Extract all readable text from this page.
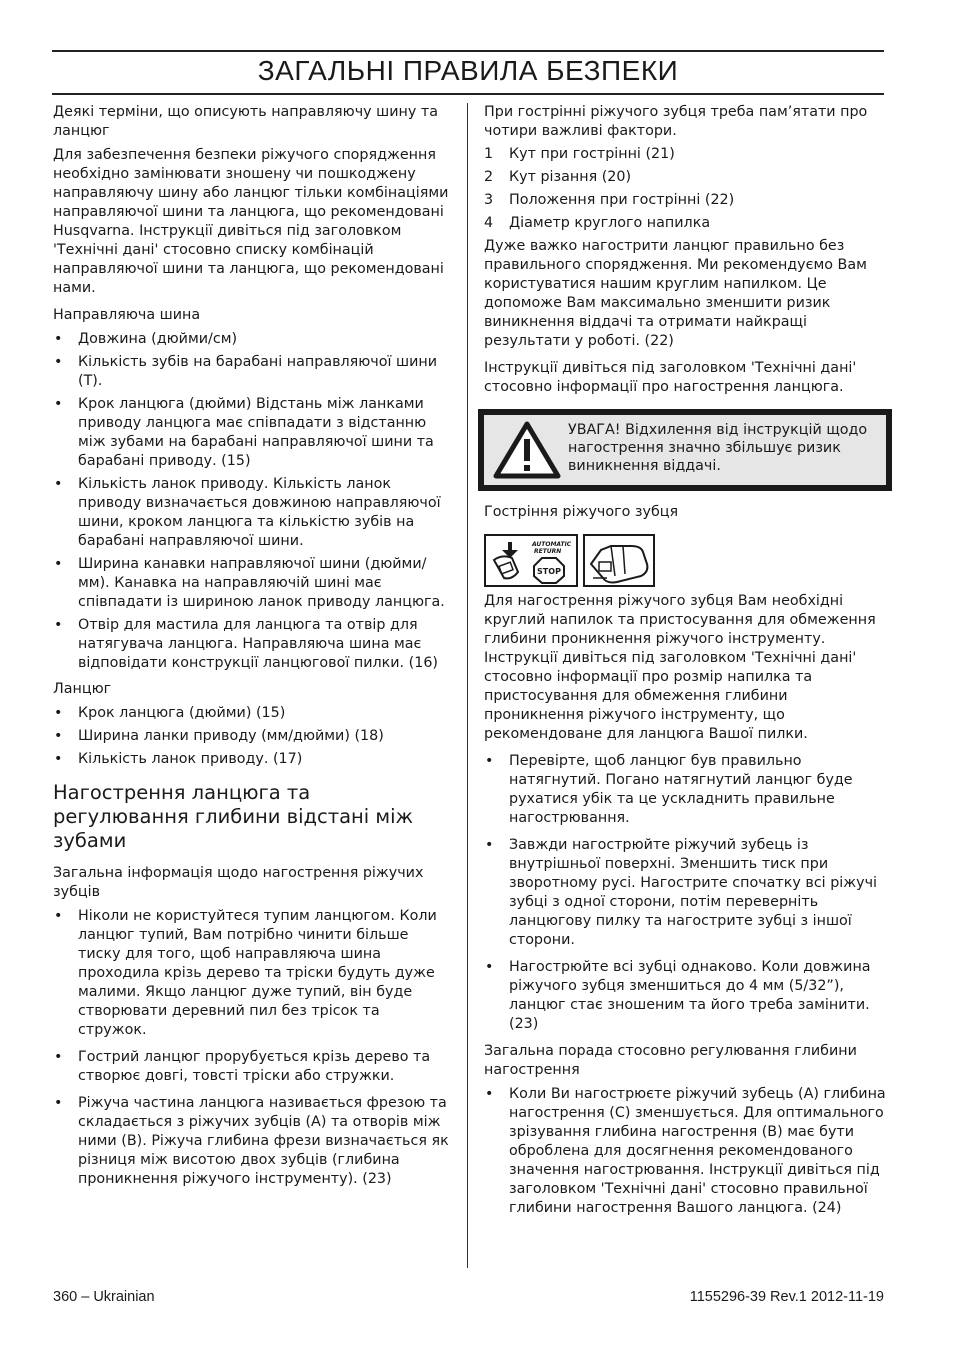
ЗАГАЛЬНІ ПРАВИЛА БЕЗПЕКИ

Деякі терміни, що описують направляючу шину та ланцюг

Для забезпечення безпеки ріжучого спорядження необхідно замінювати зношену чи пошкоджену направляючу шину або ланцюг тільки комбінаціями направляючої шини та ланцюга, що рекомендовані Husqvarna. Інструкції дивіться під заголовком 'Технічні дані' стосовно списку комбінацій направляючої шини та ланцюга, що рекомендовані нами.

Направляюча шина

• Довжина (дюйми/см)
• Кількість зубів на барабані направляючої шини (T).
• Крок ланцюга (дюйми) Відстань між ланками приводу ланцюга має співпадати з відстанню між зубами на барабані направляючої шини та барабані приводу. (15)
• Кількість ланок приводу. Кількість ланок приводу визначається довжиною направляючої шини, кроком ланцюга та кількістю зубів на барабані направляючої шини.
• Ширина канавки направляючої шини (дюйми/мм). Канавка на направляючій шині має співпадати із шириною ланок приводу ланцюга.
• Отвір для мастила для ланцюга та отвір для натягувача ланцюга. Направляюча шина має відповідати конструкції ланцюгової пилки. (16)

Ланцюг

• Крок ланцюга (дюйми) (15)
• Ширина ланки приводу (мм/дюйми) (18)
• Кількість ланок приводу. (17)
Нагострення ланцюга та регулювання глибини відстані між зубами

Загальна інформація щодо нагострення ріжучих зубців

• Ніколи не користуйтеся тупим ланцюгом. Коли ланцюг тупий, Вам потрібно чинити більше тиску для того, щоб направляюча шина проходила крізь дерево та тріски будуть дуже малими. Якщо ланцюг дуже тупий, він буде створювати деревний пил без трісок та стружок.
• Гострий ланцюг прорубується крізь дерево та створює довгі, товсті тріски або стружки.
• Ріжуча частина ланцюга називається фрезою та складається з ріжучих зубців (A) та отворів між ними (B). Ріжуча глибина фрези визначається як різниця між висотою двох зубців (глибина проникнення ріжучого інструменту). (23)

При гострінні ріжучого зубця треба пам’ятати про чотири важливі фактори.

1	Кут при гострінні (21)
2	Кут різання (20)
3	Положення при гострінні (22)
4	Діаметр круглого напилка

Дуже важко нагострити ланцюг правильно без правильного спорядження. Ми рекомендуємо Вам користуватися нашим круглим напилком. Це допоможе Вам максимально зменшити ризик виникнення віддачі та отримати найкращі результати у роботі. (22)

Інструкції дивіться під заголовком 'Технічні дані' стосовно інформації про нагострення ланцюга.

УВАГА! Відхилення від інструкцій щодо нагострення значно збільшує ризик виникнення віддачі.

Гостріння ріжучого зубця

AUTOMATIC
RETURN
STOP

Для нагострення ріжучого зубця Вам необхідні круглий напилок та пристосування для обмеження глибини проникнення ріжучого інструменту. Інструкції дивіться під заголовком 'Технічні дані' стосовно інформації про розмір напилка та пристосування для обмеження глибини проникнення ріжучого інструменту, що рекомендоване для ланцюга Вашої пилки.

• Перевірте, щоб ланцюг був правильно натягнутий. Погано натягнутий ланцюг буде рухатися убік та це ускладнить правильне нагострювання.
• Завжди нагострюйте ріжучий зубець із внутрішньої поверхні. Зменшить тиск при зворотному русі. Нагострите спочатку всі ріжучі зубці з одної сторони, потім переверніть ланцюгову пилку та нагострите зубці з іншої сторони.
• Нагострюйте всі зубці однаково. Коли довжина ріжучого зубця зменшиться до 4 мм (5/32”), ланцюг стає зношеним та його треба замінити. (23)

Загальна порада стосовно регулювання глибини нагострення

• Коли Ви нагострюєте ріжучий зубець (A) глибина нагострення (C) зменшується. Для оптимального зрізування глибина нагострення (B) має бути оброблена для досягнення рекомендованого значення нагострювання. Інструкції дивіться під заголовком 'Технічні дані' стосовно правильної глибини нагострення Вашого ланцюга. (24)
360 – Ukrainian	1155296-39 Rev.1 2012-11-19
